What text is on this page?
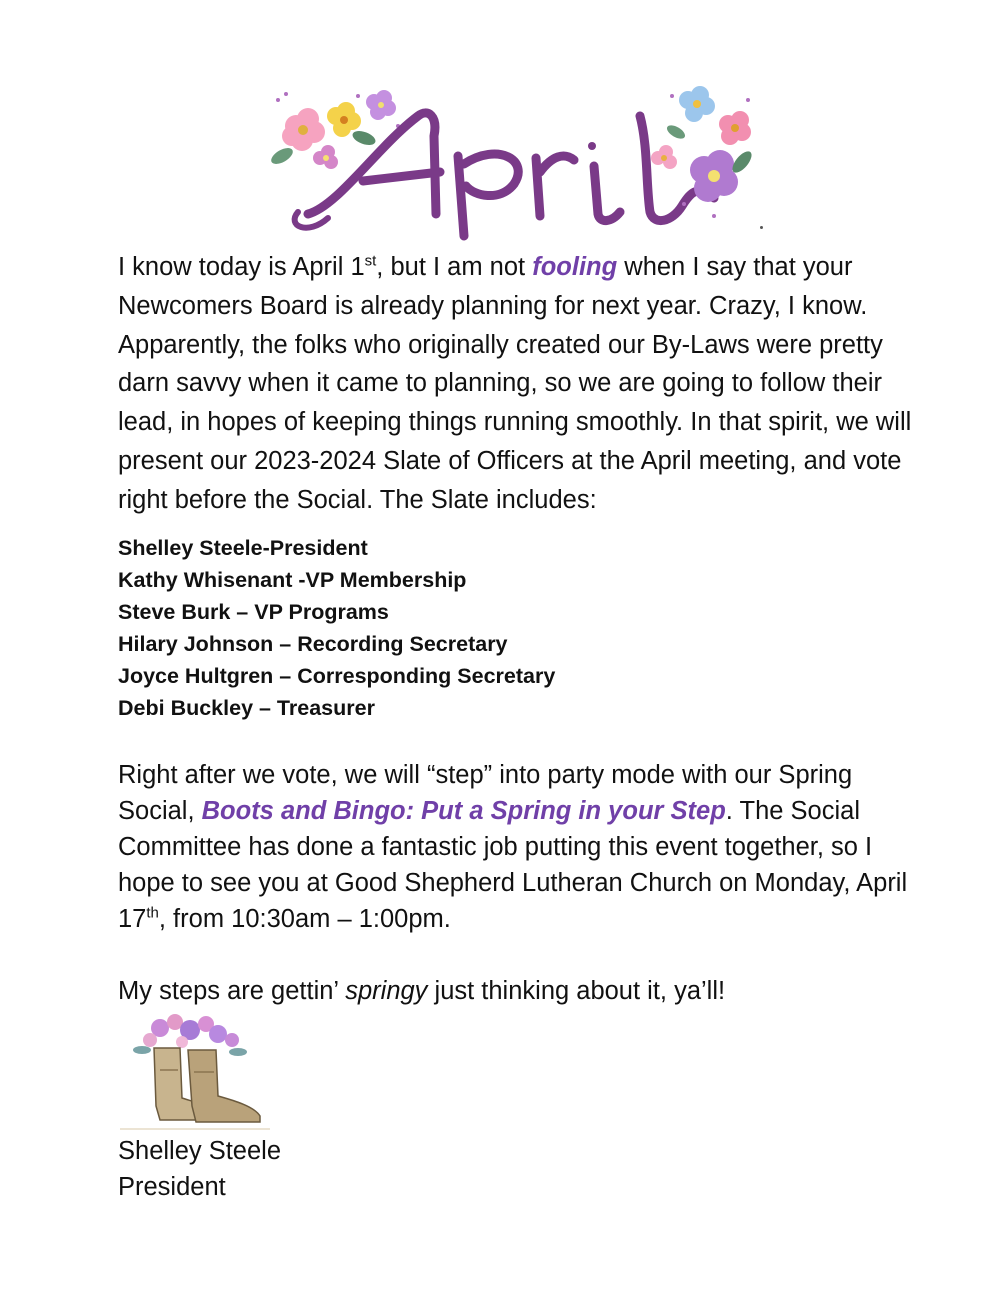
I know today is April 1st, but I am not fooling when I say that your Newcomers Board is already planning for next year. Crazy, I know. Apparently, the folks who originally created our By-Laws were pretty darn savvy when it came to planning, so we are going to follow their lead, in hopes of keeping things running smoothly. In that spirit, we will present our 2023-2024 Slate of Officers at the April meeting, and vote right before the Social. The Slate includes:

Shelley Steele-President
Kathy Whisenant -VP Membership
Steve Burk – VP Programs
Hilary Johnson – Recording Secretary
Joyce Hultgren – Corresponding Secretary
Debi Buckley – Treasurer

Right after we vote, we will “step” into party mode with our Spring Social, Boots and Bingo: Put a Spring in your Step. The Social Committee has done a fantastic job putting this event together, so I hope to see you at Good Shepherd Lutheran Church on Monday, April 17th, from 10:30am – 1:00pm.

My steps are gettin’ springy just thinking about it, ya’ll!

Shelley Steele
President
